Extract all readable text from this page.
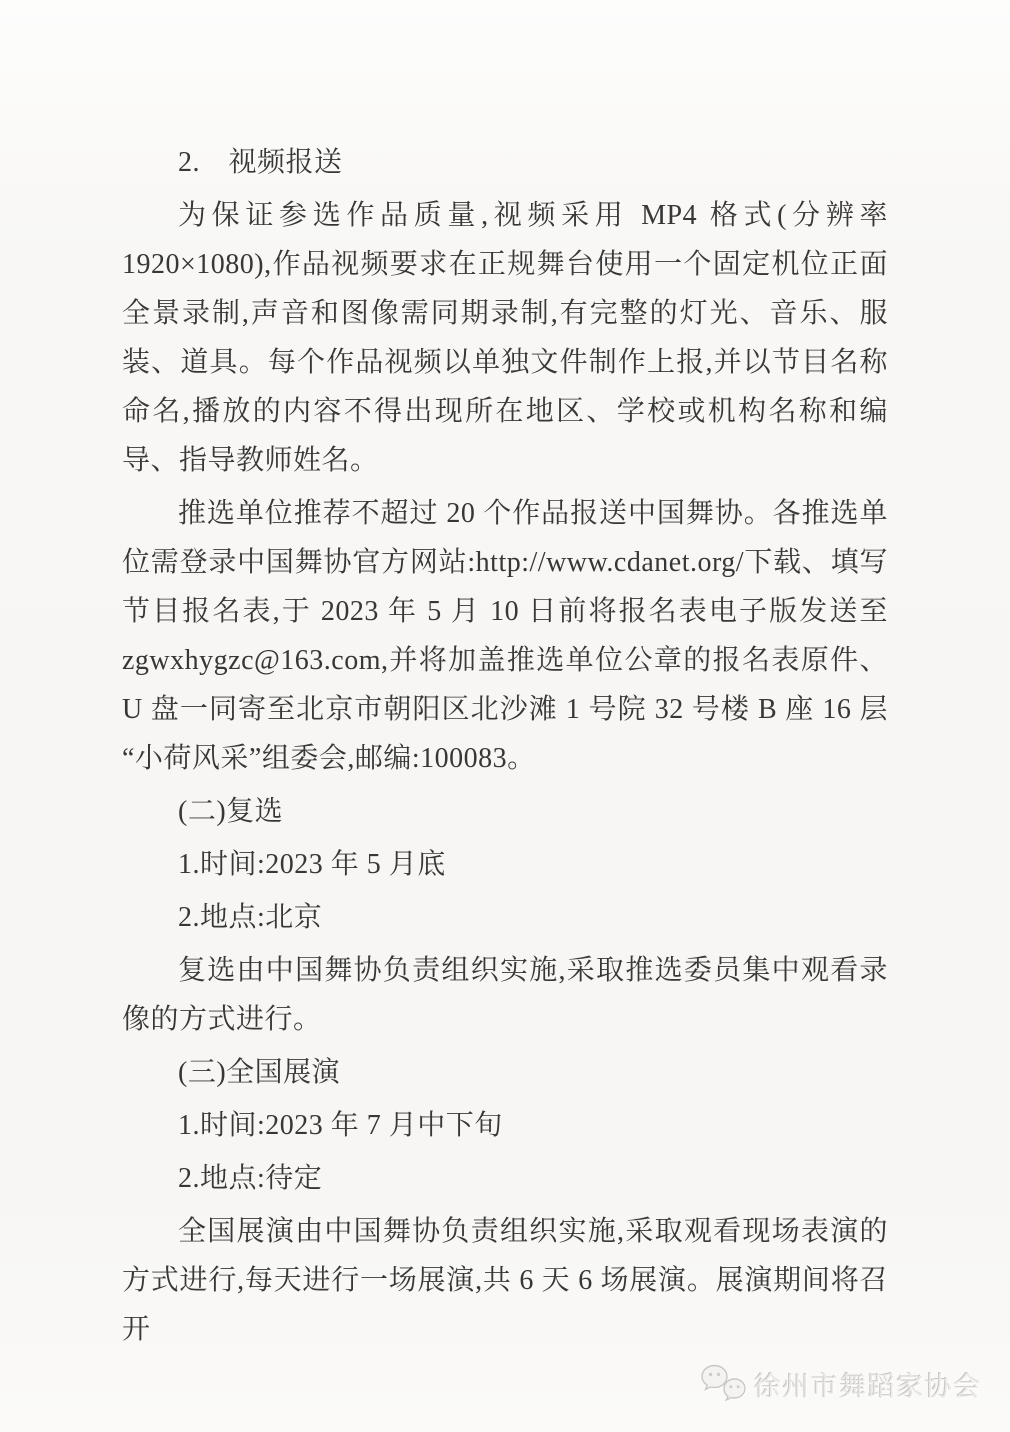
2.　视频报送

为保证参选作品质量,视频采用 MP4 格式(分辨率 1920×1080),作品视频要求在正规舞台使用一个固定机位正面全景录制,声音和图像需同期录制,有完整的灯光、音乐、服装、道具。每个作品视频以单独文件制作上报,并以节目名称命名,播放的内容不得出现所在地区、学校或机构名称和编导、指导教师姓名。

推选单位推荐不超过 20 个作品报送中国舞协。各推选单位需登录中国舞协官方网站:http://www.cdanet.org/下载、填写节目报名表,于 2023 年 5 月 10 日前将报名表电子版发送至 zgwxhygzc@163.com,并将加盖推选单位公章的报名表原件、U 盘一同寄至北京市朝阳区北沙滩 1 号院 32 号楼 B 座 16 层“小荷风采”组委会,邮编:100083。

(二)复选
1.时间:2023 年 5 月底
2.地点:北京

复选由中国舞协负责组织实施,采取推选委员集中观看录像的方式进行。

(三)全国展演
1.时间:2023 年 7 月中下旬
2.地点:待定

全国展演由中国舞协负责组织实施,采取观看现场表演的方式进行,每天进行一场展演,共 6 天 6 场展演。展演期间将召开

徐州市舞蹈家协会
